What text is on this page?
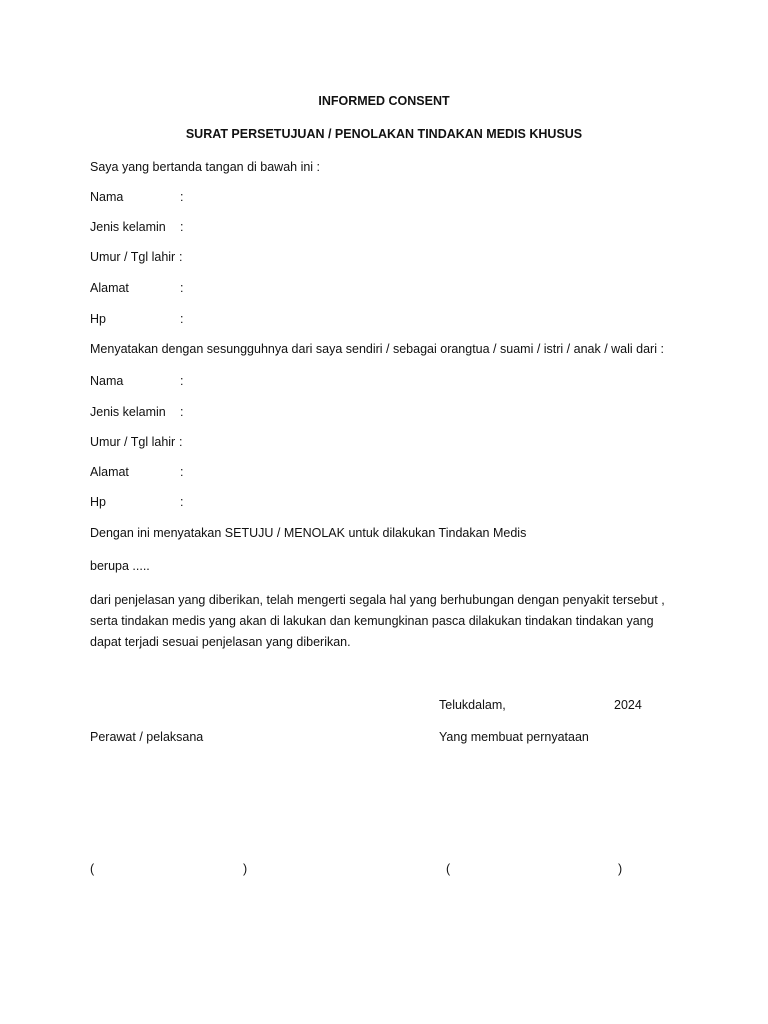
INFORMED CONSENT
SURAT PERSETUJUAN / PENOLAKAN TINDAKAN MEDIS KHUSUS
Saya yang bertanda tangan di bawah ini :
Nama	:
Jenis kelamin :
Umur / Tgl lahir :
Alamat	:
Hp	:
Menyatakan dengan sesungguhnya dari saya sendiri / sebagai orangtua / suami / istri / anak / wali dari :
Nama	:
Jenis kelamin :
Umur / Tgl lahir :
Alamat	:
Hp	:
Dengan ini menyatakan SETUJU / MENOLAK untuk dilakukan Tindakan Medis
berupa .....
dari penjelasan yang diberikan, telah mengerti segala hal yang berhubungan dengan penyakit tersebut ,
serta tindakan medis yang akan di lakukan dan kemungkinan pasca dilakukan tindakan tindakan yang
dapat terjadi sesuai penjelasan yang diberikan.
Telukdalam,	2024
Perawat / pelaksana	Yang membuat pernyataan
(	)	(	)
